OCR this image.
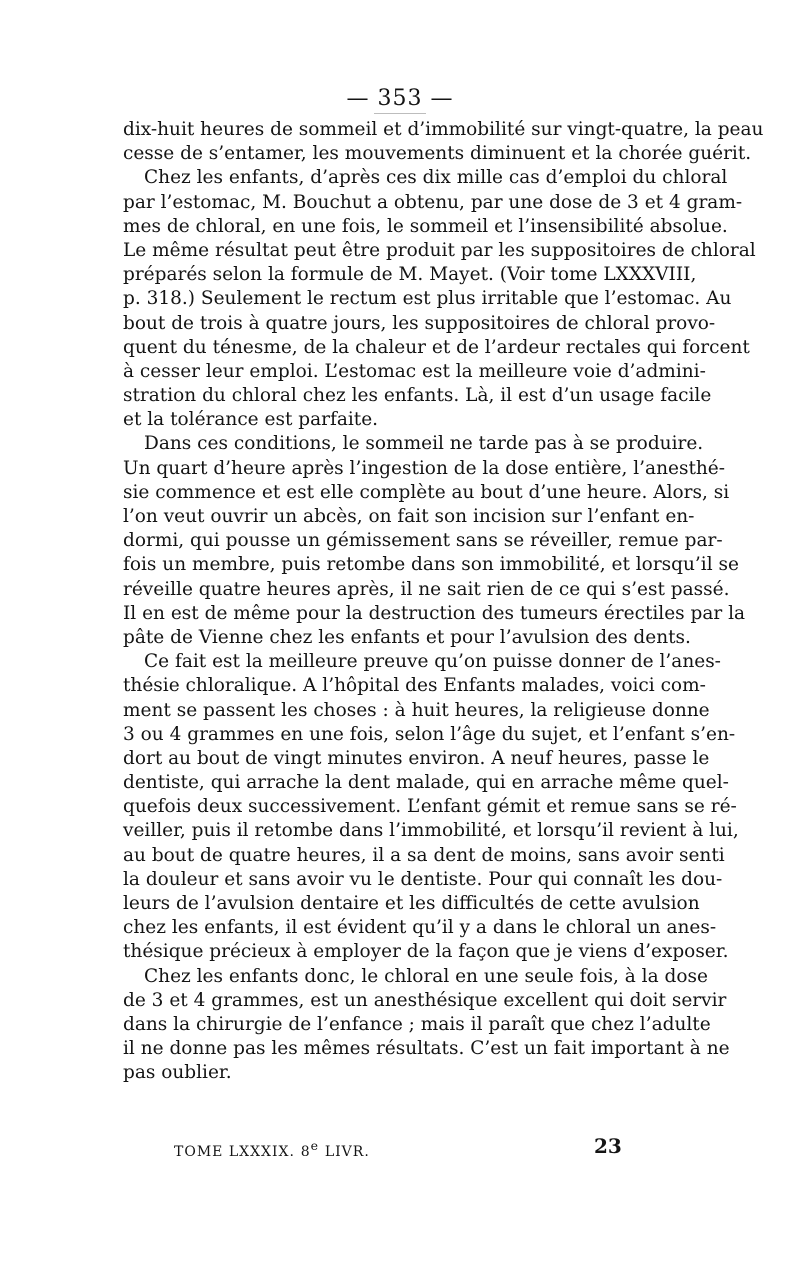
— 353 —
dix-huit heures de sommeil et d’immobilité sur vingt-quatre, la peau
cesse de s’entamer, les mouvements diminuent et la chorée guérit.
Chez les enfants, d’après ces dix mille cas d’emploi du chloral
par l’estomac, M. Bouchut a obtenu, par une dose de 3 et 4 gram-
mes de chloral, en une fois, le sommeil et l’insensibilité absolue.
Le même résultat peut être produit par les suppositoires de chloral
préparés selon la formule de M. Mayet. (Voir tome LXXXVIII,
p. 318.) Seulement le rectum est plus irritable que l’estomac. Au
bout de trois à quatre jours, les suppositoires de chloral provo-
quent du ténesme, de la chaleur et de l’ardeur rectales qui forcent
à cesser leur emploi. L’estomac est la meilleure voie d’admini-
stration du chloral chez les enfants. Là, il est d’un usage facile
et la tolérance est parfaite.
Dans ces conditions, le sommeil ne tarde pas à se produire.
Un quart d’heure après l’ingestion de la dose entière, l’anesthé-
sie commence et est elle complète au bout d’une heure. Alors, si
l’on veut ouvrir un abcès, on fait son incision sur l’enfant en-
dormi, qui pousse un gémissement sans se réveiller, remue par-
fois un membre, puis retombe dans son immobilité, et lorsqu’il se
réveille quatre heures après, il ne sait rien de ce qui s’est passé.
Il en est de même pour la destruction des tumeurs érectiles par la
pâte de Vienne chez les enfants et pour l’avulsion des dents.
Ce fait est la meilleure preuve qu’on puisse donner de l’anes-
thésie chloralique. A l’hôpital des Enfants malades, voici com-
ment se passent les choses : à huit heures, la religieuse donne
3 ou 4 grammes en une fois, selon l’âge du sujet, et l’enfant s’en-
dort au bout de vingt minutes environ. A neuf heures, passe le
dentiste, qui arrache la dent malade, qui en arrache même quel-
quefois deux successivement. L’enfant gémit et remue sans se ré-
veiller, puis il retombe dans l’immobilité, et lorsqu’il revient à lui,
au bout de quatre heures, il a sa dent de moins, sans avoir senti
la douleur et sans avoir vu le dentiste. Pour qui connaît les dou-
leurs de l’avulsion dentaire et les difficultés de cette avulsion
chez les enfants, il est évident qu’il y a dans le chloral un anes-
thésique précieux à employer de la façon que je viens d’exposer.
Chez les enfants donc, le chloral en une seule fois, à la dose
de 3 et 4 grammes, est un anesthésique excellent qui doit servir
dans la chirurgie de l’enfance ; mais il paraît que chez l’adulte
il ne donne pas les mêmes résultats. C’est un fait important à ne
pas oublier.
TOME LXXXIX. 8e LIVR.	23
